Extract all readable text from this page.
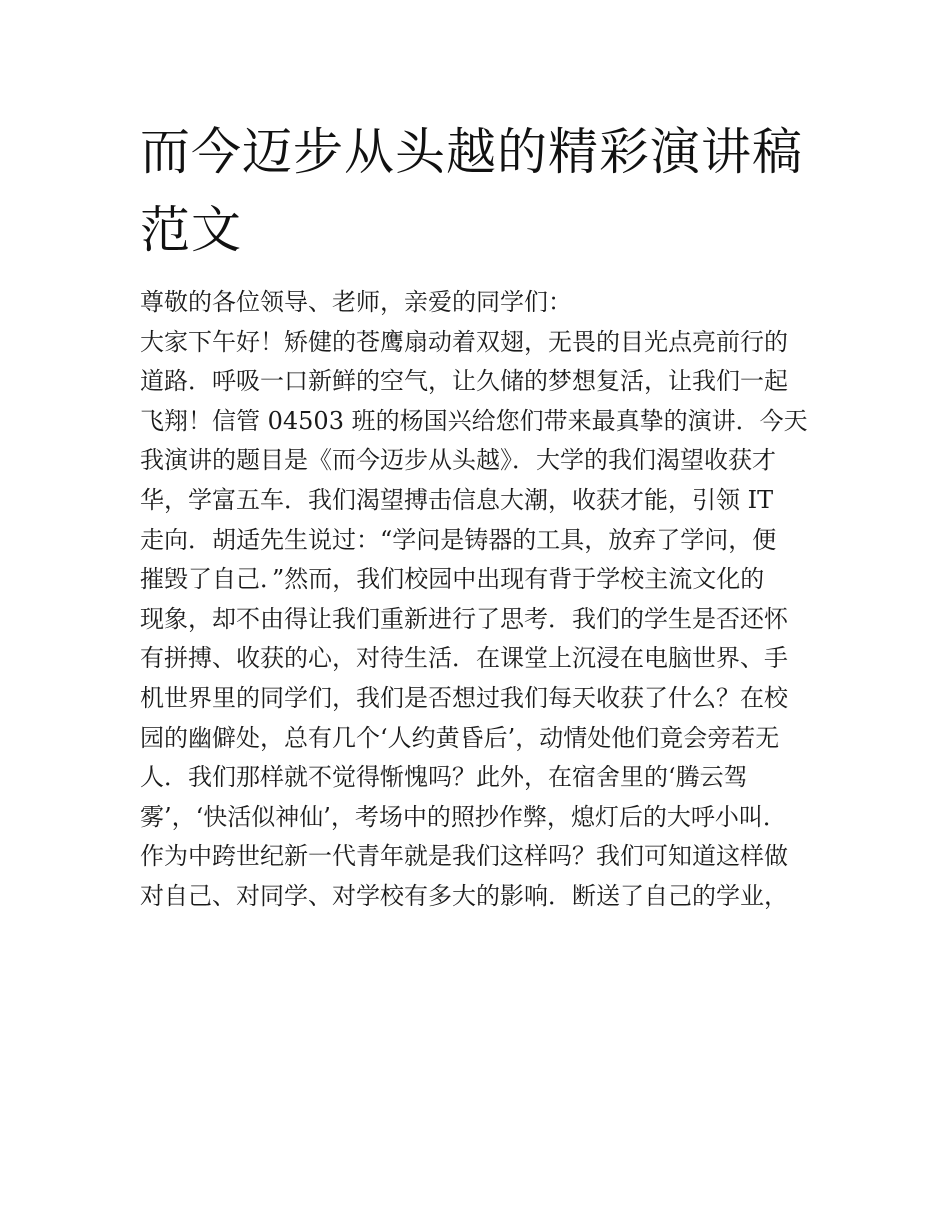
而今迈步从头越的精彩演讲稿
范文
尊敬的各位领导、老师，亲爱的同学们：
大家下午好！矫健的苍鹰扇动着双翅，无畏的目光点亮前行的
道路．呼吸一口新鲜的空气，让久储的梦想复活，让我们一起
飞翔！信管 04503 班的杨国兴给您们带来最真挚的演讲．今天
我演讲的题目是《而今迈步从头越》．大学的我们渴望收获才
华，学富五车．我们渴望搏击信息大潮，收获才能，引领 IT
走向．胡适先生说过：“学问是铸器的工具，放弃了学问，便
摧毁了自己．”然而，我们校园中出现有背于学校主流文化的
现象，却不由得让我们重新进行了思考．我们的学生是否还怀
有拼搏、收获的心，对待生活．在课堂上沉浸在电脑世界、手
机世界里的同学们，我们是否想过我们每天收获了什么？在校
园的幽僻处，总有几个‘人约黄昏后’，动情处他们竟会旁若无
人．我们那样就不觉得惭愧吗？此外，在宿舍里的‘腾云驾
雾’，‘快活似神仙’，考场中的照抄作弊，熄灯后的大呼小叫．
作为中跨世纪新一代青年就是我们这样吗？我们可知道这样做
对自己、对同学、对学校有多大的影响．断送了自己的学业，
